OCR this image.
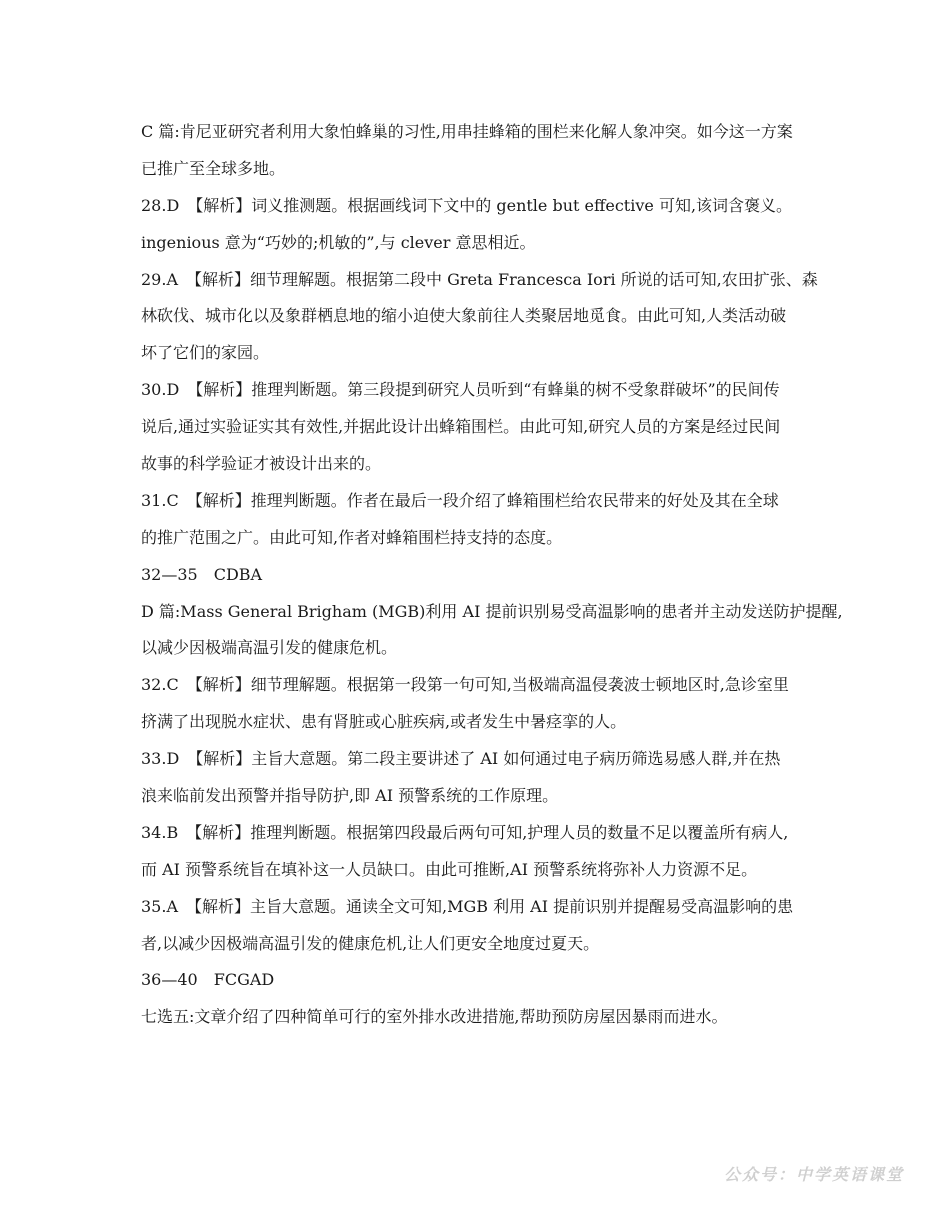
C 篇:肯尼亚研究者利用大象怕蜂巢的习性,用串挂蜂箱的围栏来化解人象冲突。如今这一方案
已推广至全球多地。
28.D　【解析】词义推测题。根据画线词下文中的 gentle but effective 可知,该词含褒义。
ingenious 意为“巧妙的;机敏的”,与 clever 意思相近。
29.A　【解析】细节理解题。根据第二段中 Greta Francesca Iori 所说的话可知,农田扩张、森
林砍伐、城市化以及象群栖息地的缩小迫使大象前往人类聚居地觅食。由此可知,人类活动破
坏了它们的家园。
30.D　【解析】推理判断题。第三段提到研究人员听到“有蜂巢的树不受象群破坏”的民间传
说后,通过实验证实其有效性,并据此设计出蜂箱围栏。由此可知,研究人员的方案是经过民间
故事的科学验证才被设计出来的。
31.C　【解析】推理判断题。作者在最后一段介绍了蜂箱围栏给农民带来的好处及其在全球
的推广范围之广。由此可知,作者对蜂箱围栏持支持的态度。
32—35　CDBA
D 篇:Mass General Brigham (MGB)利用 AI 提前识别易受高温影响的患者并主动发送防护提醒,
以减少因极端高温引发的健康危机。
32.C　【解析】细节理解题。根据第一段第一句可知,当极端高温侵袭波士顿地区时,急诊室里
挤满了出现脱水症状、患有肾脏或心脏疾病,或者发生中暑痉挛的人。
33.D　【解析】主旨大意题。第二段主要讲述了 AI 如何通过电子病历筛选易感人群,并在热
浪来临前发出预警并指导防护,即 AI 预警系统的工作原理。
34.B　【解析】推理判断题。根据第四段最后两句可知,护理人员的数量不足以覆盖所有病人,
而 AI 预警系统旨在填补这一人员缺口。由此可推断,AI 预警系统将弥补人力资源不足。
35.A　【解析】主旨大意题。通读全文可知,MGB 利用 AI 提前识别并提醒易受高温影响的患
者,以减少因极端高温引发的健康危机,让人们更安全地度过夏天。
36—40　FCGAD
七选五:文章介绍了四种简单可行的室外排水改进措施,帮助预防房屋因暴雨而进水。
公众号：中学英语课堂
